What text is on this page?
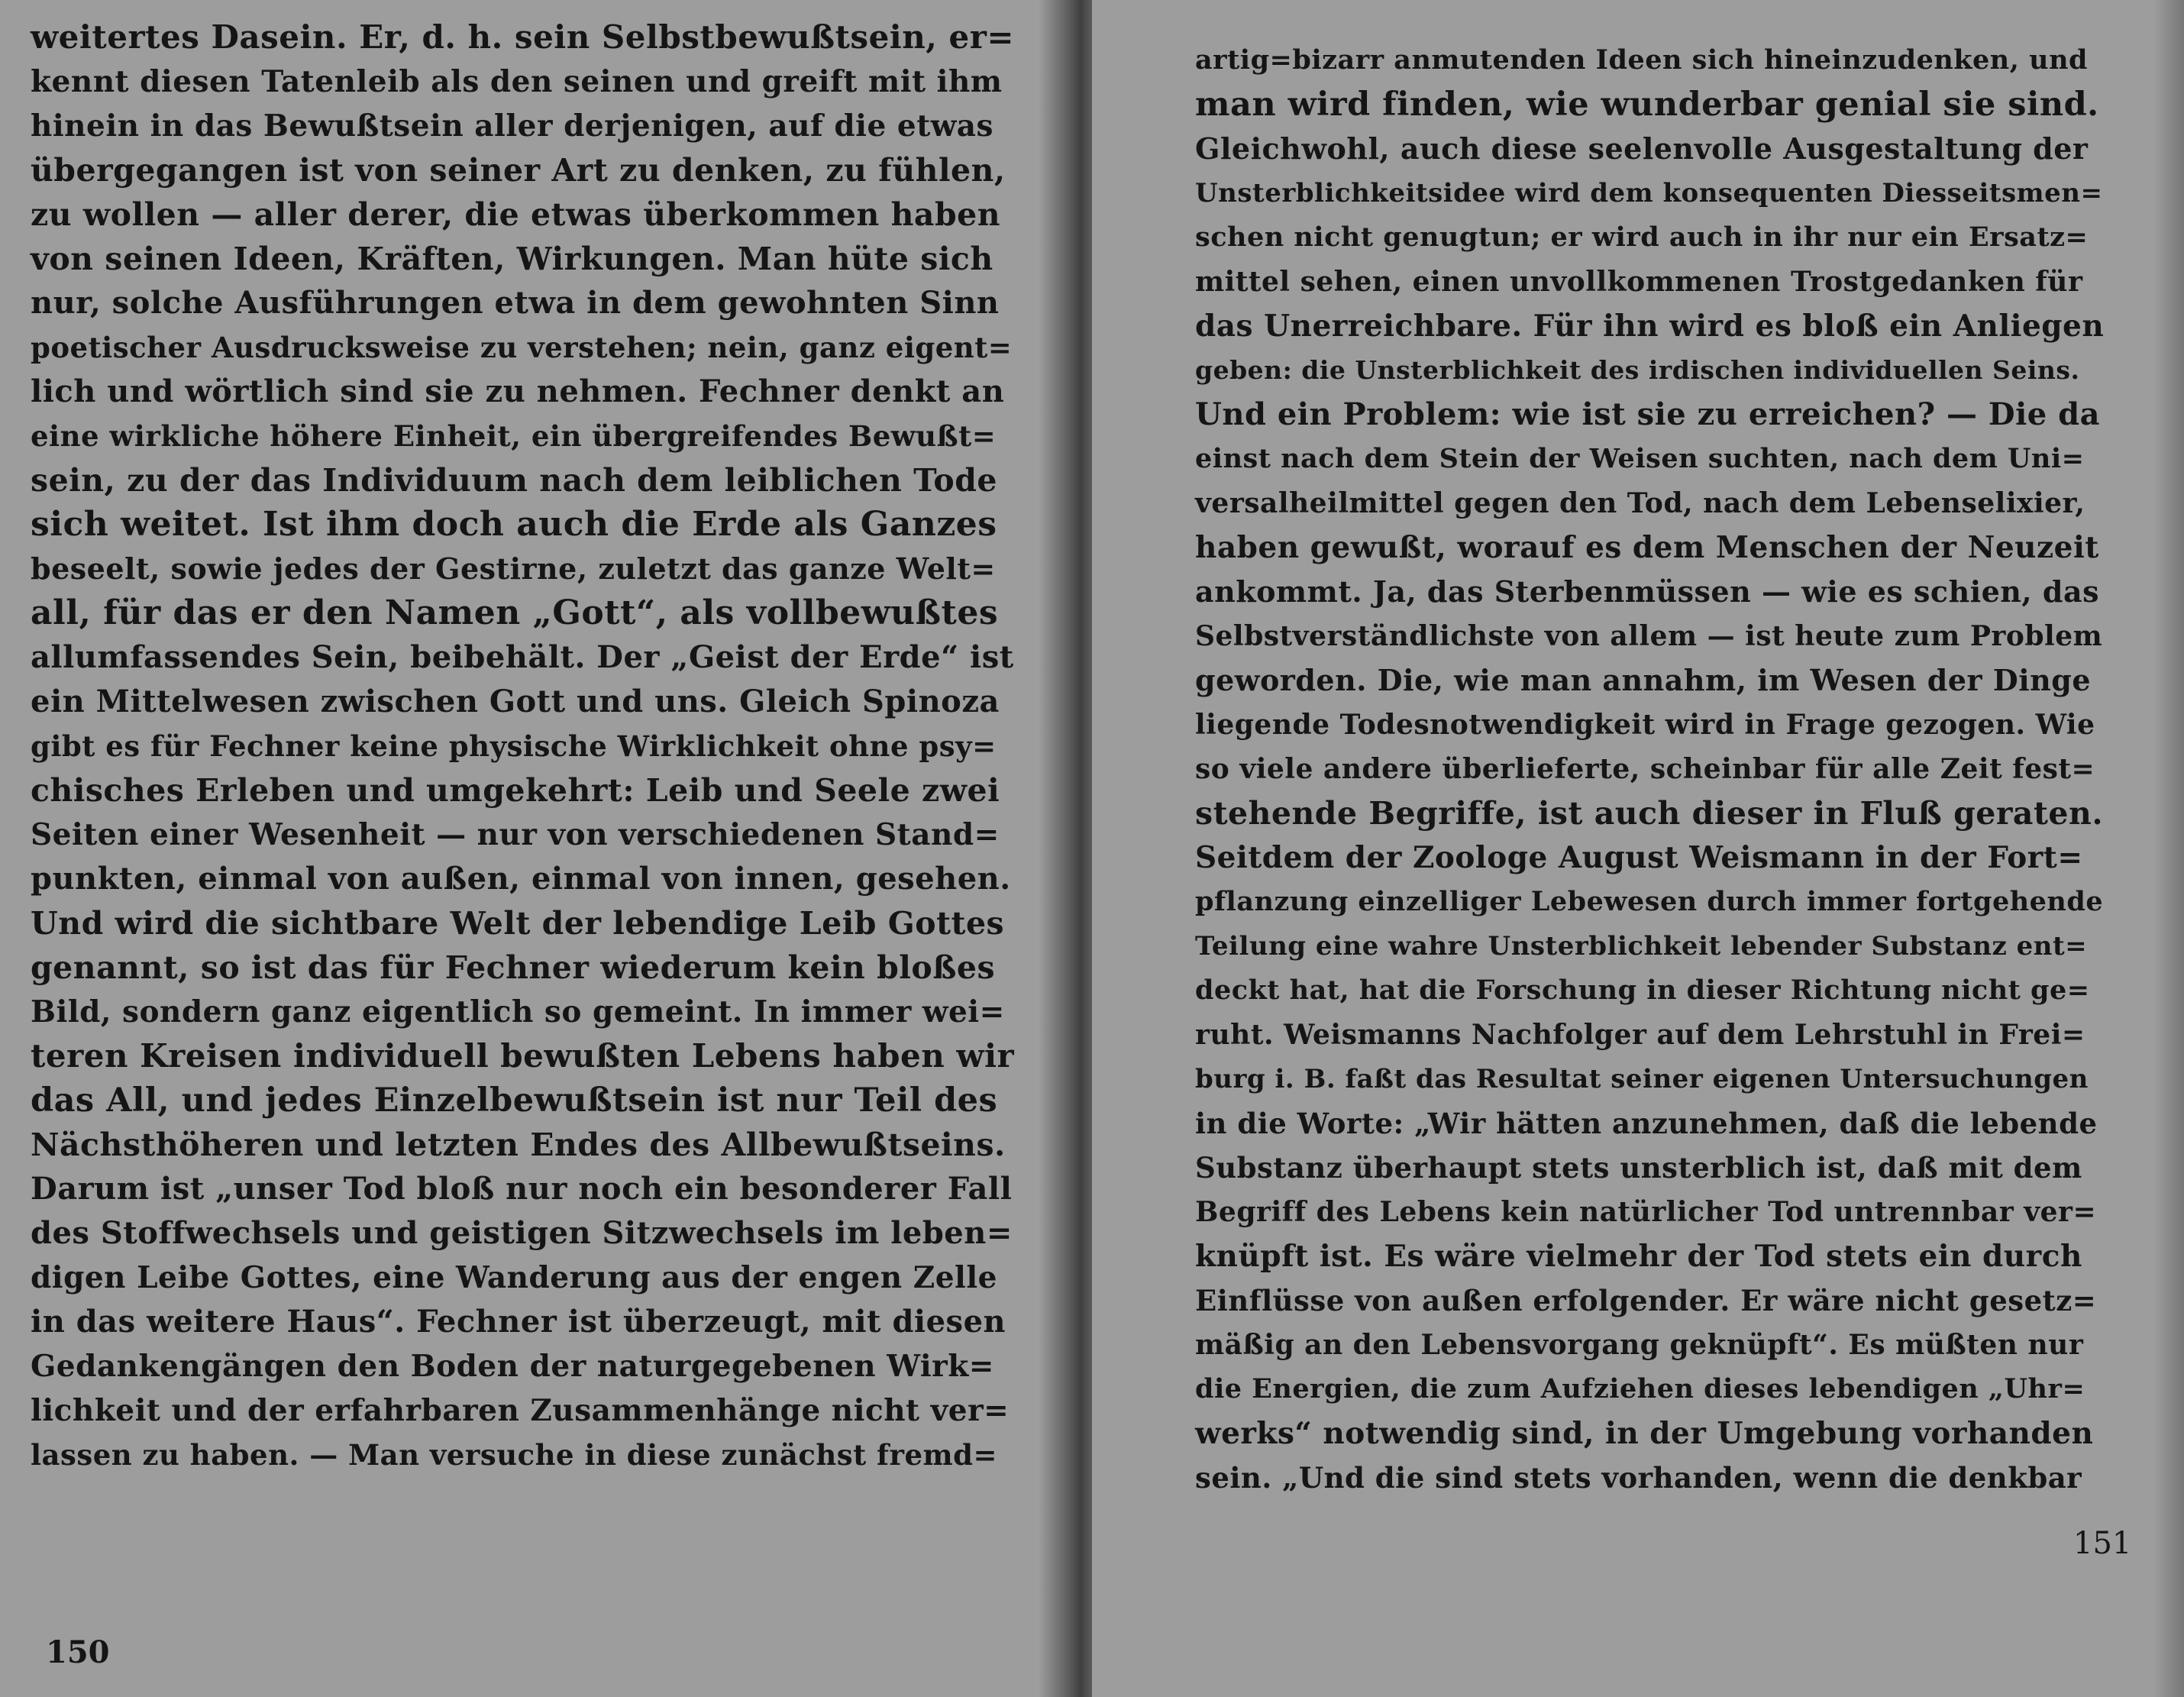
weitertes Dasein. Er, d. h. sein Selbstbewußtsein, er=
kennt diesen Tatenleib als den seinen und greift mit ihm
hinein in das Bewußtsein aller derjenigen, auf die etwas
übergegangen ist von seiner Art zu denken, zu fühlen,
zu wollen — aller derer, die etwas überkommen haben
von seinen Ideen, Kräften, Wirkungen. Man hüte sich
nur, solche Ausführungen etwa in dem gewohnten Sinn
poetischer Ausdrucksweise zu verstehen; nein, ganz eigent=
lich und wörtlich sind sie zu nehmen. Fechner denkt an
eine wirkliche höhere Einheit, ein übergreifendes Bewußt=
sein, zu der das Individuum nach dem leiblichen Tode
sich weitet. Ist ihm doch auch die Erde als Ganzes
beseelt, sowie jedes der Gestirne, zuletzt das ganze Welt=
all, für das er den Namen „Gott“, als vollbewußtes
allumfassendes Sein, beibehält. Der „Geist der Erde“ ist
ein Mittelwesen zwischen Gott und uns. Gleich Spinoza
gibt es für Fechner keine physische Wirklichkeit ohne psy=
chisches Erleben und umgekehrt: Leib und Seele zwei
Seiten einer Wesenheit — nur von verschiedenen Stand=
punkten, einmal von außen, einmal von innen, gesehen.
Und wird die sichtbare Welt der lebendige Leib Gottes
genannt, so ist das für Fechner wiederum kein bloßes
Bild, sondern ganz eigentlich so gemeint. In immer wei=
teren Kreisen individuell bewußten Lebens haben wir
das All, und jedes Einzelbewußtsein ist nur Teil des
Nächsthöheren und letzten Endes des Allbewußtseins.
Darum ist „unser Tod bloß nur noch ein besonderer Fall
des Stoffwechsels und geistigen Sitzwechsels im leben=
digen Leibe Gottes, eine Wanderung aus der engen Zelle
in das weitere Haus“. Fechner ist überzeugt, mit diesen
Gedankengängen den Boden der naturgegebenen Wirk=
lichkeit und der erfahrbaren Zusammenhänge nicht ver=
lassen zu haben. — Man versuche in diese zunächst fremd=
150
artig=bizarr anmutenden Ideen sich hineinzudenken, und
man wird finden, wie wunderbar genial sie sind.
Gleichwohl, auch diese seelenvolle Ausgestaltung der
Unsterblichkeitsidee wird dem konsequenten Diesseitsmen=
schen nicht genugtun; er wird auch in ihr nur ein Ersatz=
mittel sehen, einen unvollkommenen Trostgedanken für
das Unerreichbare. Für ihn wird es bloß ein Anliegen
geben: die Unsterblichkeit des irdischen individuellen Seins.
Und ein Problem: wie ist sie zu erreichen? — Die da
einst nach dem Stein der Weisen suchten, nach dem Uni=
versalheilmittel gegen den Tod, nach dem Lebenselixier,
haben gewußt, worauf es dem Menschen der Neuzeit
ankommt. Ja, das Sterbenmüssen — wie es schien, das
Selbstverständlichste von allem — ist heute zum Problem
geworden. Die, wie man annahm, im Wesen der Dinge
liegende Todesnotwendigkeit wird in Frage gezogen. Wie
so viele andere überlieferte, scheinbar für alle Zeit fest=
stehende Begriffe, ist auch dieser in Fluß geraten.
Seitdem der Zoologe August Weismann in der Fort=
pflanzung einzelliger Lebewesen durch immer fortgehende
Teilung eine wahre Unsterblichkeit lebender Substanz ent=
deckt hat, hat die Forschung in dieser Richtung nicht ge=
ruht. Weismanns Nachfolger auf dem Lehrstuhl in Frei=
burg i. B. faßt das Resultat seiner eigenen Untersuchungen
in die Worte: „Wir hätten anzunehmen, daß die lebende
Substanz überhaupt stets unsterblich ist, daß mit dem
Begriff des Lebens kein natürlicher Tod untrennbar ver=
knüpft ist. Es wäre vielmehr der Tod stets ein durch
Einflüsse von außen erfolgender. Er wäre nicht gesetz=
mäßig an den Lebensvorgang geknüpft“. Es müßten nur
die Energien, die zum Aufziehen dieses lebendigen „Uhr=
werks“ notwendig sind, in der Umgebung vorhanden
sein. „Und die sind stets vorhanden, wenn die denkbar
151
